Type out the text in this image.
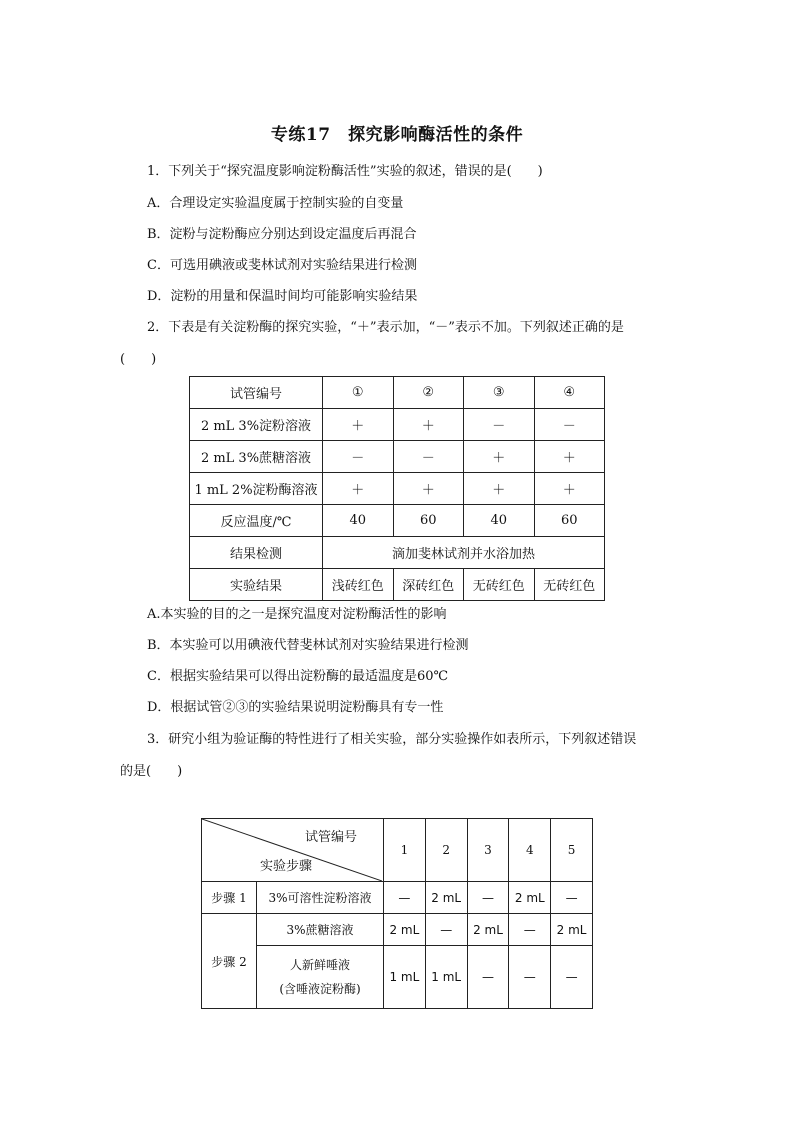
专练17　探究影响酶活性的条件
1．下列关于“探究温度影响淀粉酶活性”实验的叙述，错误的是(　　)
A．合理设定实验温度属于控制实验的自变量
B．淀粉与淀粉酶应分别达到设定温度后再混合
C．可选用碘液或斐林试剂对实验结果进行检测
D．淀粉的用量和保温时间均可能影响实验结果
2．下表是有关淀粉酶的探究实验，“＋”表示加，“－”表示不加。下列叙述正确的是
(　　)
试管编号	①	②	③	④
2 mL 3%淀粉溶液	＋	＋	－	－
2 mL 3%蔗糖溶液	－	－	＋	＋
1 mL 2%淀粉酶溶液	＋	＋	＋	＋
反应温度/℃	40	60	40	60
结果检测	滴加斐林试剂并水浴加热			
实验结果	浅砖红色	深砖红色	无砖红色	无砖红色
A.本实验的目的之一是探究温度对淀粉酶活性的影响
B．本实验可以用碘液代替斐林试剂对实验结果进行检测
C．根据实验结果可以得出淀粉酶的最适温度是60℃
D．根据试管②③的实验结果说明淀粉酶具有专一性
3．研究小组为验证酶的特性进行了相关实验，部分实验操作如表所示，下列叙述错误
的是(　　)
试管编号
实验步骤		1	2	3	4	5
步骤 1	3%可溶性淀粉溶液	—	2 mL	—	2 mL	—
步骤 2	3%蔗糖溶液	2 mL	—	2 mL	—	2 mL

	人新鲜唾液
(含唾液淀粉酶)	1 mL	1 mL	—	—	—
